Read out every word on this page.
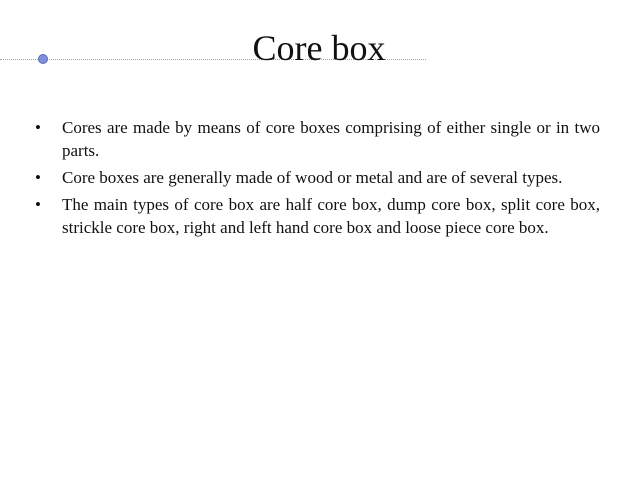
Core box
• Cores are made by means of core boxes comprising of either single or in two parts.
• Core boxes are generally made of wood or metal and are of several types.
• The main types of core box are half core box, dump core box, split core box, strickle core box, right and left hand core box and loose piece core box.
